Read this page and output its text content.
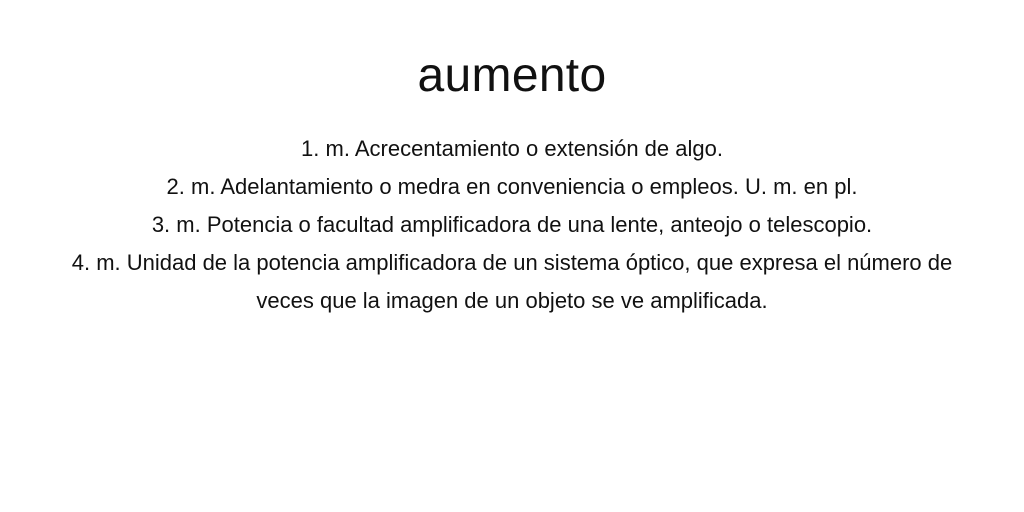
aumento

1. m. Acrecentamiento o extensión de algo.

2. m. Adelantamiento o medra en conveniencia o empleos. U. m. en pl.

3. m. Potencia o facultad amplificadora de una lente, anteojo o telescopio.

4. m. Unidad de la potencia amplificadora de un sistema óptico, que expresa el número de veces que la imagen de un objeto se ve amplificada.
